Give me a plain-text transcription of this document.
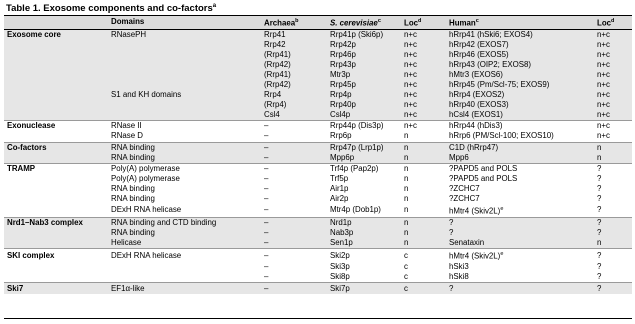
Table 1. Exosome components and co-factors$^a$
	Domains	Archaea$^b$	S. cerevisiae$^c$	Loc$^d$	Human$^c$	Loc$^d$
Exosome core	RNasePH	Rrp41	Rrp41p (Ski6p)	n+c	hRrp41 (hSki6; EXOS4)	n+c
		Rrp42	Rrp42p	n+c	hRrp42 (EXOS7)	n+c
		(Rrp41)	Rrp46p	n+c	hRrp46 (EXOS5)	n+c
		(Rrp42)	Rrp43p	n+c	hRrp43 (OIP2; EXOS8)	n+c
		(Rrp41)	Mtr3p	n+c	hMtr3 (EXOS6)	n+c
		(Rrp42)	Rrp45p	n+c	hRrp45 (Pm/Scl-75; EXOS9)	n+c
	S1 and KH domains	Rrp4	Rrp4p	n+c	hRrp4 (EXOS2)	n+c
		(Rrp4)	Rrp40p	n+c	hRrp40 (EXOS3)	n+c
		Csl4	Csl4p	n+c	hCsl4 (EXOS1)	n+c
Exonuclease	RNase II	–	Rrp44p (Dis3p)	n+c	hRrp44 (hDis3)	n+c
	RNase D	–	Rrp6p	n	hRrp6 (PM/Scl-100; EXOS10)	n+c
Co-factors	RNA binding	–	Rrp47p (Lrp1p)	n	C1D (hRrp47)	n
	RNA binding	–	Mpp6p	n	Mpp6	n
TRAMP	Poly(A) polymerase	–	Trf4p (Pap2p)	n	?PAPD5 and POLS	?
	Poly(A) polymerase	–	Trf5p	n	?PAPD5 and POLS	?
	RNA binding	–	Air1p	n	?ZCHC7	?
	RNA binding	–	Air2p	n	?ZCHC7	?
	DExH RNA helicase	–	Mtr4p (Dob1p)	n	hMtr4 (Skiv2L)$^e$	?
Nrd1–Nab3 complex	RNA binding and CTD binding	–	Nrd1p	n	?	?
	RNA binding	–	Nab3p	n	?	?
	Helicase	–	Sen1p	n	Senataxin	n
SKI complex	DExH RNA helicase	–	Ski2p	c	hMtr4 (Skiv2L)$^e$	?
		–	Ski3p	c	hSki3	?
		–	Ski8p	c	hSki8	?
Ski7	EF1α-like	–	Ski7p	c	?	?
